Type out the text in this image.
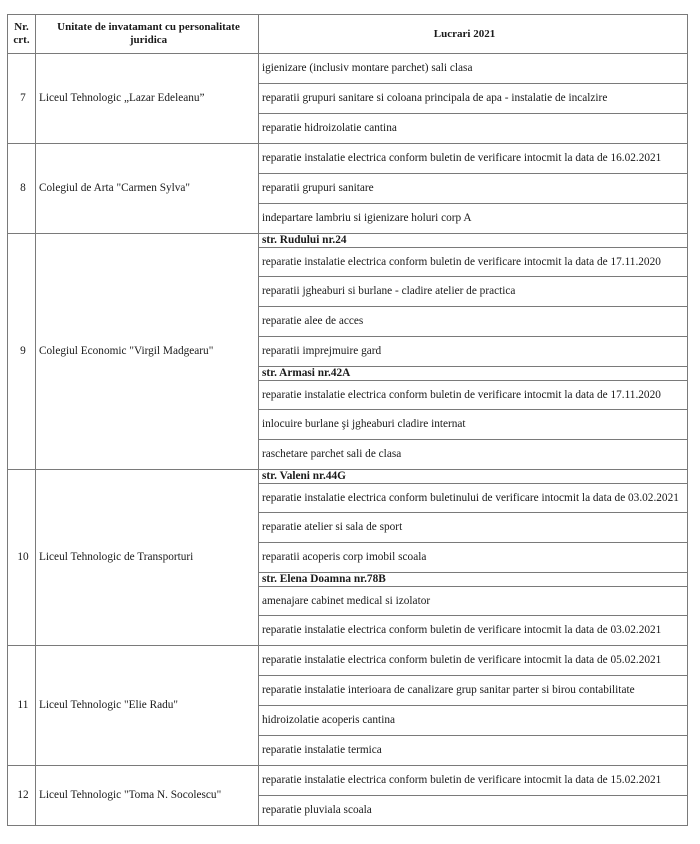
Nr. crt.	Unitate de invatamant cu personalitate juridica	Lucrari 2021
7	Liceul Tehnologic „Lazar Edeleanu”	igienizare (inclusiv montare parchet) sali clasa
		reparatii grupuri sanitare si coloana principala de apa - instalatie de incalzire
		reparatie hidroizolatie cantina
8	Colegiul de Arta "Carmen Sylva"	reparatie instalatie electrica conform buletin de verificare intocmit la data de 16.02.2021
		reparatii grupuri sanitare
		indepartare lambriu si igienizare holuri corp A
9	Colegiul Economic "Virgil Madgearu"	str. Rudului nr.24
		reparatie instalatie electrica conform buletin de verificare intocmit la data de 17.11.2020
		reparatii jgheaburi si burlane - cladire atelier de practica
		reparatie alee de acces
		reparatii imprejmuire gard
		str. Armasi nr.42A
		reparatie instalatie electrica conform buletin de verificare intocmit la data de 17.11.2020
		inlocuire burlane şi jgheaburi cladire internat
		raschetare parchet sali de clasa
10	Liceul Tehnologic de Transporturi	str. Valeni nr.44G
		reparatie instalatie electrica conform buletinului de verificare intocmit la data de 03.02.2021
		reparatie atelier si sala de sport
		reparatii acoperis corp imobil scoala
		str. Elena Doamna nr.78B
		amenajare cabinet medical si izolator
		reparatie instalatie electrica conform buletin de verificare intocmit la data de 03.02.2021
11	Liceul Tehnologic "Elie Radu"	reparatie instalatie electrica conform buletin de verificare intocmit la data de 05.02.2021
		reparatie instalatie interioara de canalizare grup sanitar parter si birou contabilitate
		hidroizolatie acoperis cantina
		reparatie instalatie termica
12	Liceul Tehnologic "Toma N. Socolescu"	reparatie instalatie electrica conform buletin de verificare intocmit la data de 15.02.2021
		reparatie pluviala scoala
